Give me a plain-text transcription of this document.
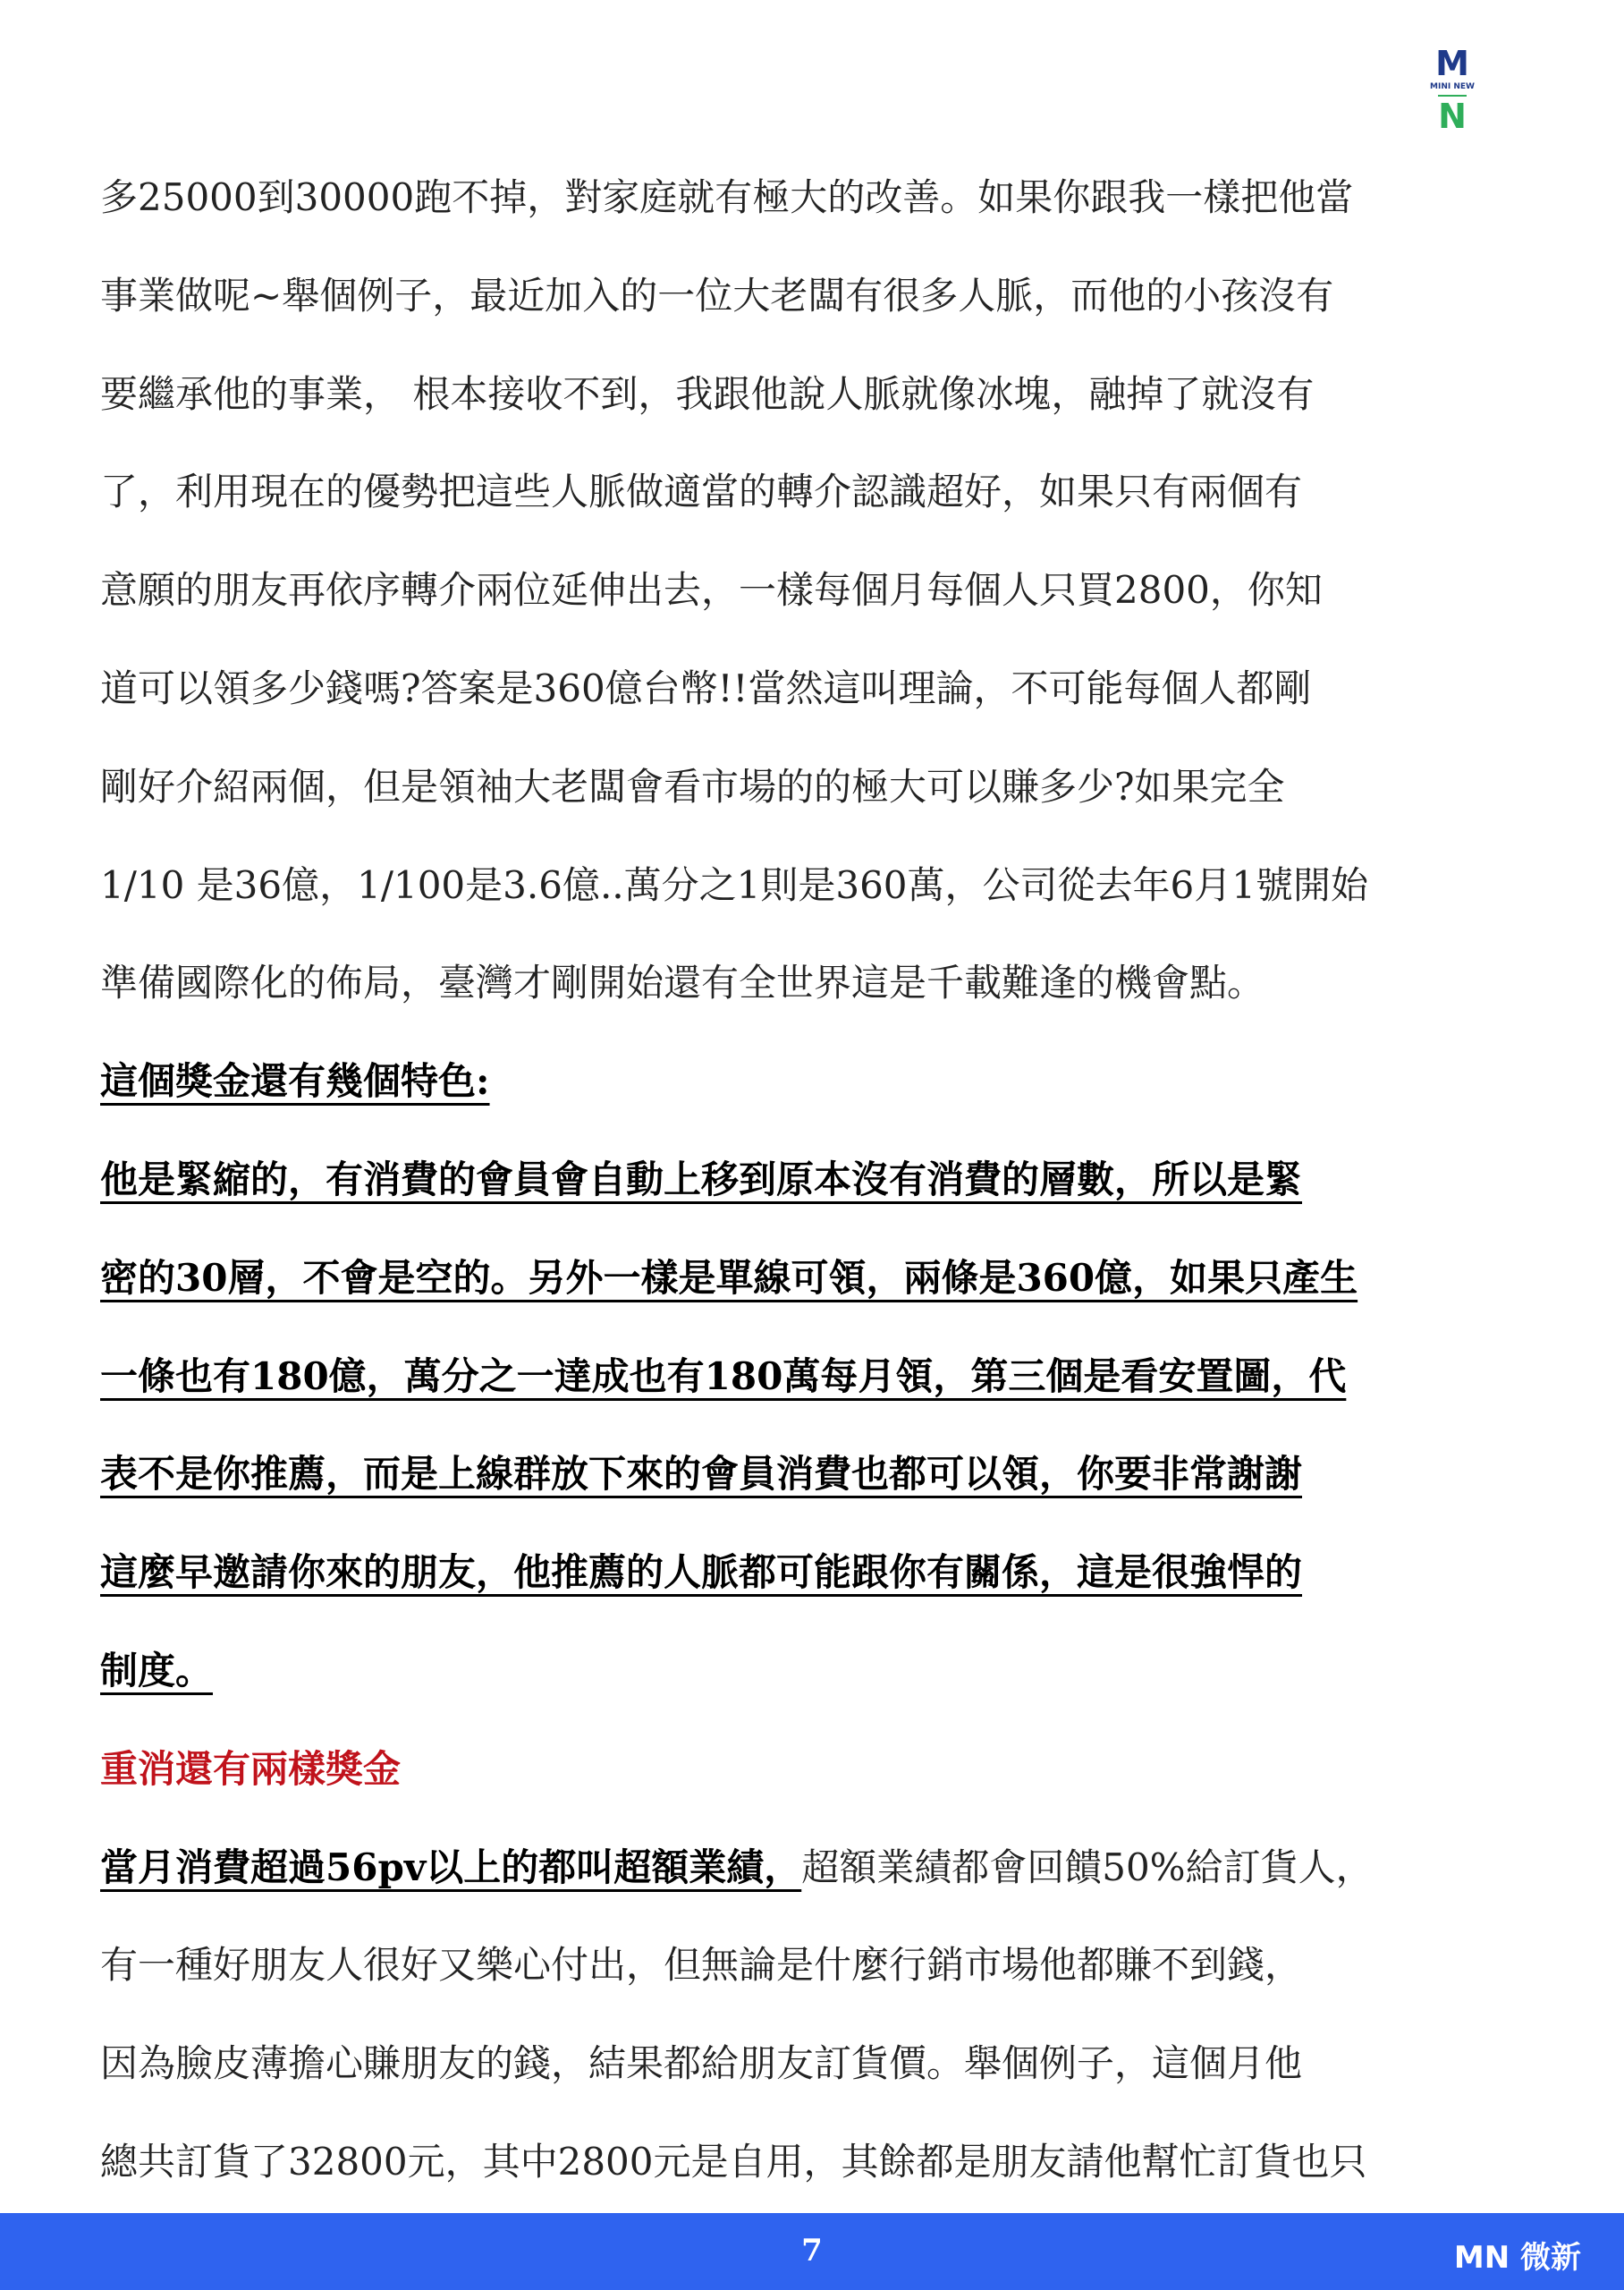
M
MINI NEW
N
多25000到30000跑不掉，對家庭就有極大的改善。如果你跟我一樣把他當
事業做呢~舉個例子，最近加入的一位大老闆有很多人脈，而他的小孩沒有
要繼承他的事業， 根本接收不到，我跟他說人脈就像冰塊，融掉了就沒有
了，利用現在的優勢把這些人脈做適當的轉介認識超好，如果只有兩個有
意願的朋友再依序轉介兩位延伸出去，一樣每個月每個人只買2800，你知
道可以領多少錢嗎?答案是360億台幣!!當然這叫理論，不可能每個人都剛
剛好介紹兩個，但是領袖大老闆會看市場的的極大可以賺多少?如果完全
1/10 是36億，1/100是3.6億..萬分之1則是360萬，公司從去年6月1號開始
準備國際化的佈局，臺灣才剛開始還有全世界這是千載難逢的機會點。
這個獎金還有幾個特色:
他是緊縮的，有消費的會員會自動上移到原本沒有消費的層數，所以是緊
密的30層，不會是空的。另外一樣是單線可領，兩條是360億，如果只產生
一條也有180億，萬分之一達成也有180萬每月領，第三個是看安置圖，代
表不是你推薦，而是上線群放下來的會員消費也都可以領，你要非常謝謝
這麼早邀請你來的朋友，他推薦的人脈都可能跟你有關係，這是很強悍的
制度。
重消還有兩樣獎金
當月消費超過56pv以上的都叫超額業績，超額業績都會回饋50%給訂貨人，
有一種好朋友人很好又樂心付出，但無論是什麼行銷市場他都賺不到錢，
因為臉皮薄擔心賺朋友的錢，結果都給朋友訂貨價。舉個例子，這個月他
總共訂貨了32800元，其中2800元是自用，其餘都是朋友請他幫忙訂貨也只
7	MN 微新
